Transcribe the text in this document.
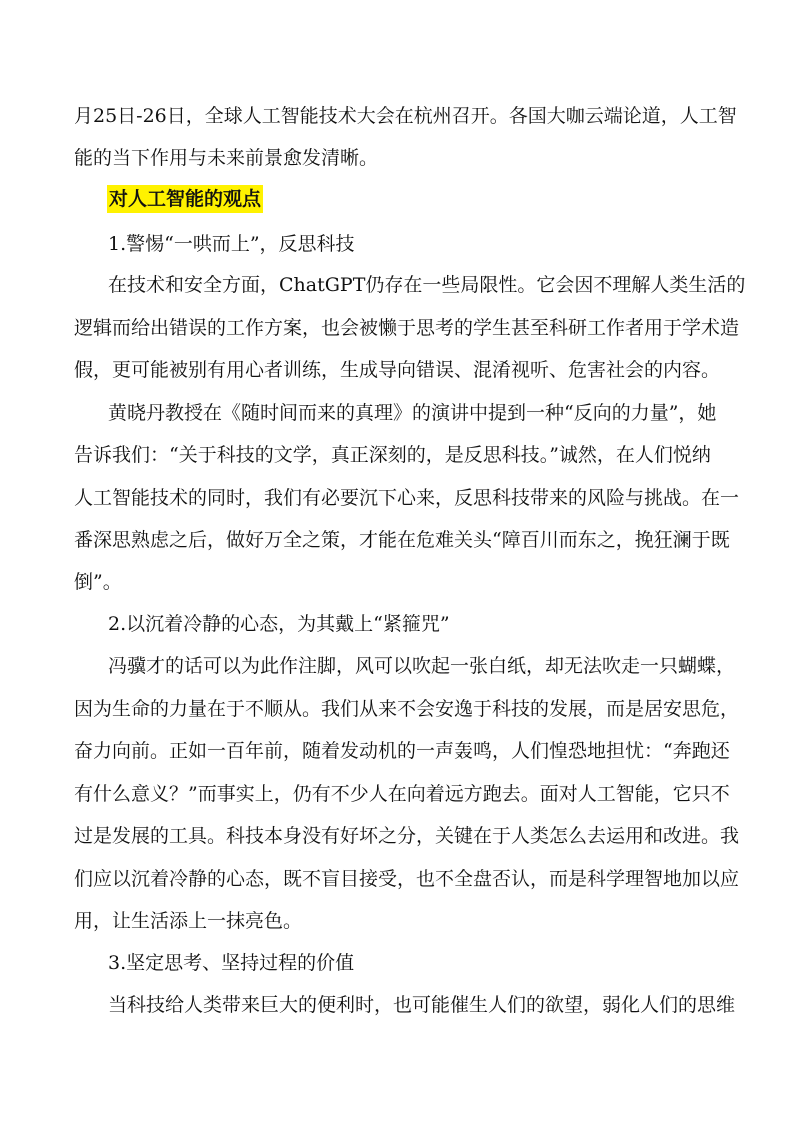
月25日-26日，全球人工智能技术大会在杭州召开。各国大咖云端论道，人工智
能的当下作用与未来前景愈发清晰。
对人工智能的观点
1.警惕“一哄而上”，反思科技
在技术和安全方面，ChatGPT仍存在一些局限性。它会因不理解人类生活的
逻辑而给出错误的工作方案，也会被懒于思考的学生甚至科研工作者用于学术造
假，更可能被别有用心者训练，生成导向错误、混淆视听、危害社会的内容。
黄晓丹教授在《随时间而来的真理》的演讲中提到一种“反向的力量”，她
告诉我们：“关于科技的文学，真正深刻的，是反思科技。”诚然，在人们悦纳
人工智能技术的同时，我们有必要沉下心来，反思科技带来的风险与挑战。在一
番深思熟虑之后，做好万全之策，才能在危难关头“障百川而东之，挽狂澜于既
倒”。
2.以沉着冷静的心态，为其戴上“紧箍咒”
冯骥才的话可以为此作注脚，风可以吹起一张白纸，却无法吹走一只蝴蝶，
因为生命的力量在于不顺从。我们从来不会安逸于科技的发展，而是居安思危，
奋力向前。正如一百年前，随着发动机的一声轰鸣，人们惶恐地担忧：“奔跑还
有什么意义？”而事实上，仍有不少人在向着远方跑去。面对人工智能，它只不
过是发展的工具。科技本身没有好坏之分，关键在于人类怎么去运用和改进。我
们应以沉着冷静的心态，既不盲目接受，也不全盘否认，而是科学理智地加以应
用，让生活添上一抹亮色。
3.坚定思考、坚持过程的价值
当科技给人类带来巨大的便利时，也可能催生人们的欲望，弱化人们的思维
